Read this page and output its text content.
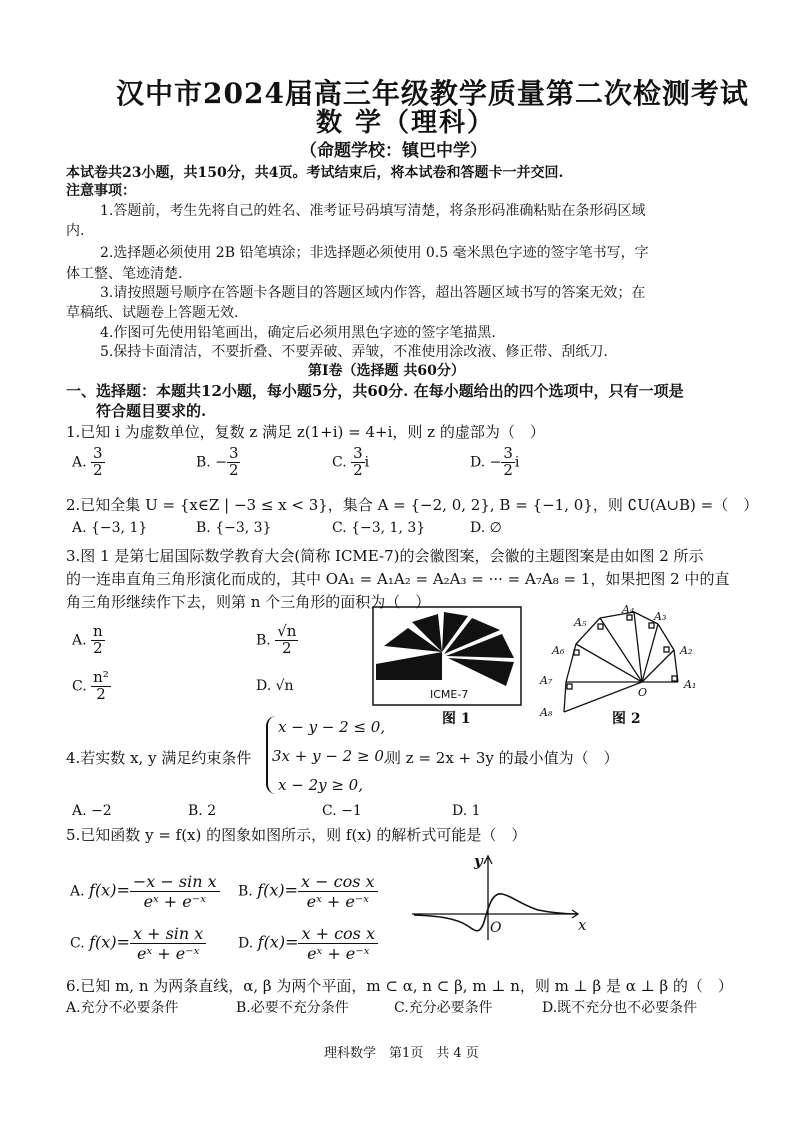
汉中市2024届高三年级教学质量第二次检测考试
数 学（理科）
（命题学校：镇巴中学）
本试卷共23小题，共150分，共4页。考试结束后，将本试卷和答题卡一并交回.
注意事项：
1.答题前，考生先将自己的姓名、准考证号码填写清楚，将条形码准确粘贴在条形码区域
内.
2.选择题必须使用 2B 铅笔填涂；非选择题必须使用 0.5 毫米黑色字迹的签字笔书写，字
体工整、笔迹清楚.
3.请按照题号顺序在答题卡各题目的答题区域内作答，超出答题区域书写的答案无效；在
草稿纸、试题卷上答题无效.
4.作图可先使用铅笔画出，确定后必须用黑色字迹的签字笔描黑.
5.保持卡面清洁，不要折叠、不要弄破、弄皱，不准使用涂改液、修正带、刮纸刀.
第Ⅰ卷（选择题 共60分）
一、选择题：本题共12小题，每小题5分，共60分. 在每小题给出的四个选项中，只有一项是
符合题目要求的.
1.已知 i 为虚数单位，复数 z 满足 z(1+i) = 4+i，则 z 的虚部为（　）
A. $\frac{3}{2}$	B. − $\frac{3}{2}$	C. $\frac{3}{2}$ i	D. − $\frac{3}{2}$ i
2.已知全集 U = {x∈Z | −3 ≤ x < 3}，集合 A = {−2, 0, 2}, B = {−1, 0}，则 ∁U(A∪B) =（　）
A. {−3, 1}	B. {−3, 3}	C. {−3, 1, 3}	D. ∅
3.图 1 是第七届国际数学教育大会(简称 ICME-7)的会徽图案，会徽的主题图案是由如图 2 所示
的一连串直角三角形演化而成的，其中 OA₁ = A₁A₂ = A₂A₃ = ··· = A₇A₈ = 1，如果把图 2 中的直
角三角形继续作下去，则第 n 个三角形的面积为（　）
A. $\frac{n}{2}$	B. $\frac{√n}{2}$
C. $\frac{\text{n²}}{2}$	D. √n
ICME-7
图 1
A₁
A₂
A₃
A₄
A₅
A₆
A₇
A₈
O
图 2
4.若实数 x, y 满足约束条件
x − y − 2 ≤ 0,
3x + y − 2 ≥ 0,
x − 2y ≥ 0,
则 z = 2x + 3y 的最小值为（　）
A. −2	B. 2	C. −1	D. 1
5.已知函数 y = f(x) 的图象如图所示，则 f(x) 的解析式可能是（　）
A. $f(x)= \frac{\text{−x − sin x}}{\text{eˣ + e⁻ˣ}} B$. $f(x)= \frac{\text{x − cos x}}{\text{eˣ + e⁻ˣ}}$
C. $f(x)= \frac{\text{x + sin x}}{\text{eˣ + e⁻ˣ}} D$. $f(x)= \frac{\text{x + cos x}}{\text{eˣ + e⁻ˣ}}$	x
y
O
6.已知 m, n 为两条直线，α, β 为两个平面，m ⊂ α, n ⊂ β, m ⊥ n，则 m ⊥ β 是 α ⊥ β 的（　）
A.充分不必要条件	B.必要不充分条件	C.充分必要条件	D.既不充分也不必要条件
理科数学　第1页　共 4 页
